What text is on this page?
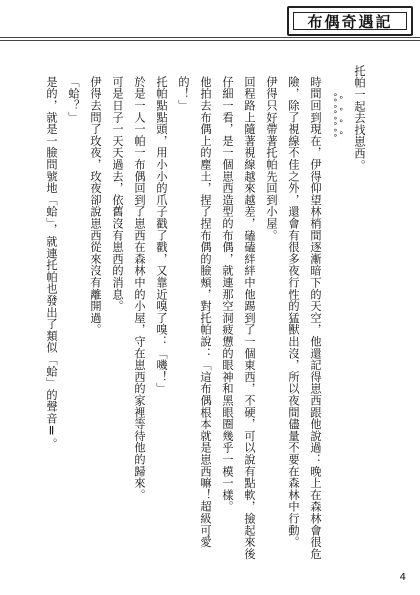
布偶奇遇記

托帕一起去找崽西。

ஃஃஃஃ

時間回到現在，伊得仰望林梢間逐漸暗下的天空，他還記得崽西跟他說過：晚上在森林會很危險，除了視線不佳之外，還會有很多夜行性的猛獸出沒，所以夜間儘量不要在森林中行動。

伊得只好帶著托帕先回到小屋。

回程路上隨著視線越來越差，磕磕絆絆中他踢到了一個東西，不硬，可以說有點軟，撿起來後仔細一看，是一個崽西造型的布偶，就連那空洞疲憊的眼神和黑眼圈幾乎一模一樣。

他拍去布偶上的塵土，捏了捏布偶的臉頰，對托帕說：「這布偶根本就是崽西嘛！超級可愛的！」

托帕點點頭，用小小的爪子戳了戳，又靠近嗅了嗅：「嘰！」

於是一人一帕一布偶回到了崽西在森林中的小屋，守在崽西的家裡等待他的歸來。

可是日子一天天過去，依舊沒有崽西的消息。

伊得去問了玫夜，玫夜卻說崽西從來沒有離開過。

「蛤？」

是的，就是一臉問號地「蛤」，就連托帕也發出了類似「蛤」的聲音Ⅱ。

4
